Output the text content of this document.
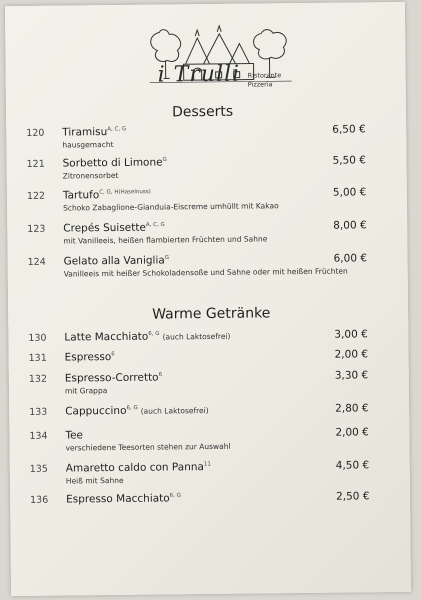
i Trulli Ristorante
Pizzeria
Desserts
120 Tiramisu$^{A, C, G}$
hausgemacht
6,50 €
121 Sorbetto di Limone$^G$
Zitronensorbet
5,50 €
122 Tartufo$^{C, G, H(Haselnuss)}$
Schoko Zabaglione-Gianduia-Eiscreme umhüllt mit Kakao
5,00 €
123 Crepés Suisette$^{A, C, G}$
mit Vanilleeis, heißen flambierten Früchten und Sahne
8,00 €
124 Gelato alla Vaniglia$^G$
Vanilleeis mit heißer Schokoladensoße und Sahne oder mit heißen Früchten
6,00 €
Warme Getränke
130 Latte Macchiato$^{6, G}$ (auch Laktosefrei)	3,00 €
131 Espresso$^6$	2,00 €
132 Espresso-Corretto$^6$
mit Grappa
3,30 €
133 Cappuccino$^{6, G}$ (auch Laktosefrei)	2,80 €
134 Tee
verschiedene Teesorten stehen zur Auswahl
2,00 €
135 Amaretto caldo con Panna$^{11}$
Heiß mit Sahne
4,50 €
136 Espresso Macchiato$^{6, G}$	2,50 €
